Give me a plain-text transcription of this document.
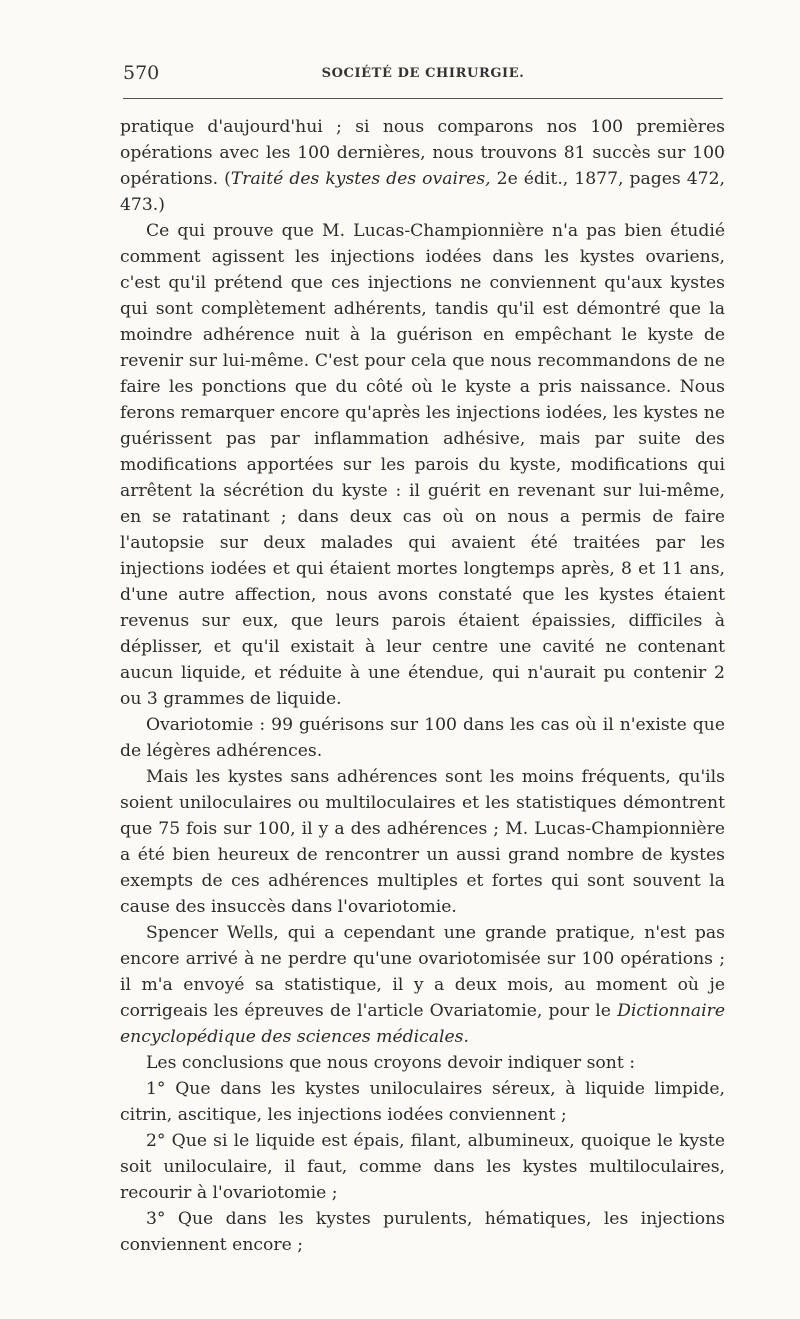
570	SOCIÉTÉ DE CHIRURGIE.

pratique d'aujourd'hui ; si nous comparons nos 100 premières opérations avec les 100 dernières, nous trouvons 81 succès sur 100 opérations. (Traité des kystes des ovaires, 2e édit., 1877, pages 472, 473.)

Ce qui prouve que M. Lucas-Championnière n'a pas bien étudié comment agissent les injections iodées dans les kystes ovariens, c'est qu'il prétend que ces injections ne conviennent qu'aux kystes qui sont complètement adhérents, tandis qu'il est démontré que la moindre adhérence nuit à la guérison en empêchant le kyste de revenir sur lui-même. C'est pour cela que nous recommandons de ne faire les ponctions que du côté où le kyste a pris naissance. Nous ferons remarquer encore qu'après les injections iodées, les kystes ne guérissent pas par inflammation adhésive, mais par suite des modifications apportées sur les parois du kyste, modifications qui arrêtent la sécrétion du kyste : il guérit en revenant sur lui-même, en se ratatinant ; dans deux cas où on nous a permis de faire l'autopsie sur deux malades qui avaient été traitées par les injections iodées et qui étaient mortes longtemps après, 8 et 11 ans, d'une autre affection, nous avons constaté que les kystes étaient revenus sur eux, que leurs parois étaient épaissies, difficiles à déplisser, et qu'il existait à leur centre une cavité ne contenant aucun liquide, et réduite à une étendue, qui n'aurait pu contenir 2 ou 3 grammes de liquide.

Ovariotomie : 99 guérisons sur 100 dans les cas où il n'existe que de légères adhérences.

Mais les kystes sans adhérences sont les moins fréquents, qu'ils soient uniloculaires ou multiloculaires et les statistiques démontrent que 75 fois sur 100, il y a des adhérences ; M. Lucas-Championnière a été bien heureux de rencontrer un aussi grand nombre de kystes exempts de ces adhérences multiples et fortes qui sont souvent la cause des insuccès dans l'ovariotomie.

Spencer Wells, qui a cependant une grande pratique, n'est pas encore arrivé à ne perdre qu'une ovariotomisée sur 100 opérations ; il m'a envoyé sa statistique, il y a deux mois, au moment où je corrigeais les épreuves de l'article Ovariatomie, pour le Dictionnaire encyclopédique des sciences médicales.

Les conclusions que nous croyons devoir indiquer sont :

1° Que dans les kystes uniloculaires séreux, à liquide limpide, citrin, ascitique, les injections iodées conviennent ;

2° Que si le liquide est épais, filant, albumineux, quoique le kyste soit uniloculaire, il faut, comme dans les kystes multiloculaires, recourir à l'ovariotomie ;

3° Que dans les kystes purulents, hématiques, les injections conviennent encore ;
